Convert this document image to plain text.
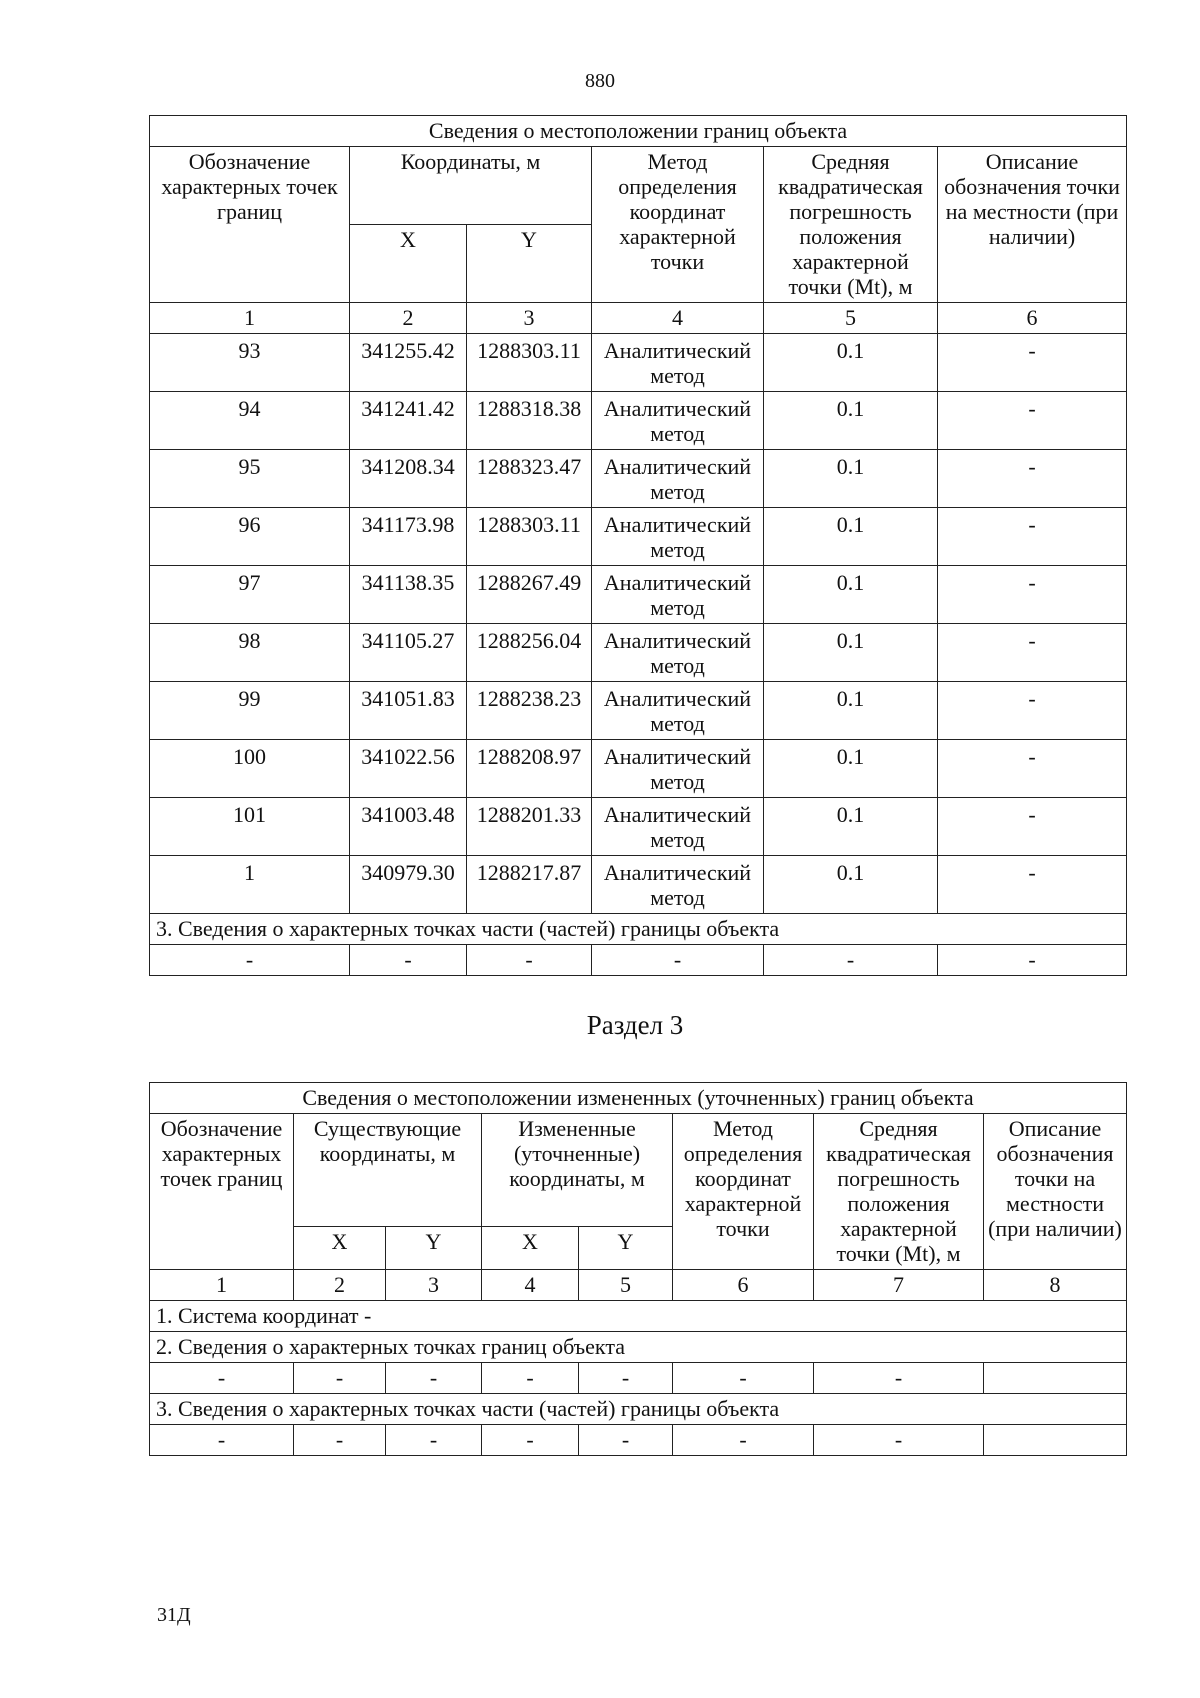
880
Сведения о местоположении границ объекта					
Обозначение характерных точек границ	Координаты, м		Метод определения координат характерной точки	Средняя квадратическая погрешность положения характерной точки (Mt), м	Описание обозначения точки на местности (при наличии)
	X	Y			
1	2	3	4	5	6
93	341255.42	1288303.11	Аналитический метод	0.1	-
94	341241.42	1288318.38	Аналитический метод	0.1	-
95	341208.34	1288323.47	Аналитический метод	0.1	-
96	341173.98	1288303.11	Аналитический метод	0.1	-
97	341138.35	1288267.49	Аналитический метод	0.1	-
98	341105.27	1288256.04	Аналитический метод	0.1	-
99	341051.83	1288238.23	Аналитический метод	0.1	-
100	341022.56	1288208.97	Аналитический метод	0.1	-
101	341003.48	1288201.33	Аналитический метод	0.1	-
1	340979.30	1288217.87	Аналитический метод	0.1	-
3. Сведения о характерных точках части (частей) границы объекта					
-	-	-	-	-	-
Раздел 3
Сведения о местоположении измененных (уточненных) границ объекта							
Обозначение характерных точек границ	Существующие координаты, м		Измененные (уточненные) координаты, м		Метод определения координат характерной точки	Средняя квадратическая погрешность положения характерной точки (Mt), м	Описание обозначения точки на местности (при наличии)
	X	Y	X	Y			
1	2	3	4	5	6	7	8
1. Система координат -							
2. Сведения о характерных точках границ объекта							
-	-	-	-	-	-	-	
3. Сведения о характерных точках части (частей) границы объекта							
-	-	-	-	-	-	-	
31Д
